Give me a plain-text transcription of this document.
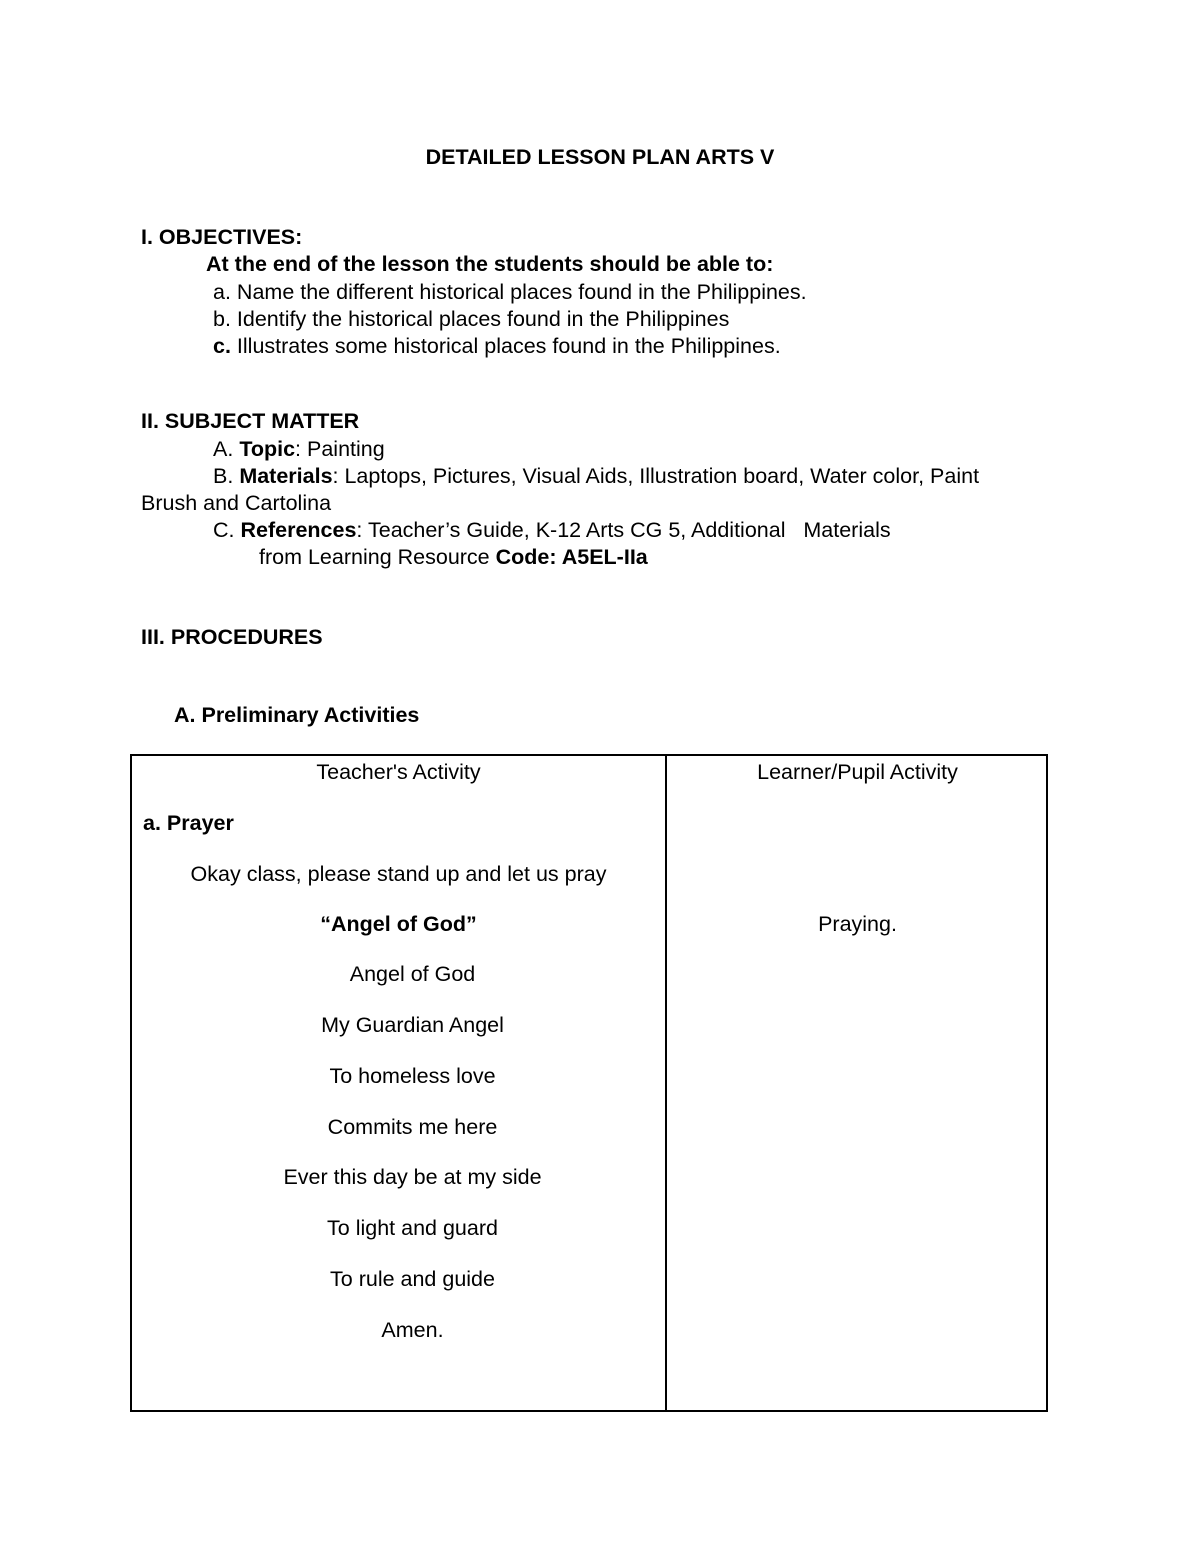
DETAILED LESSON PLAN ARTS V
I. OBJECTIVES:
At the end of the lesson the students should be able to:
a. Name the different historical places found in the Philippines.
b. Identify the historical places found in the Philippines
c. Illustrates some historical places found in the Philippines.
II. SUBJECT MATTER
A. Topic: Painting
B. Materials: Laptops, Pictures, Visual Aids, Illustration board, Water color, Paint
Brush and Cartolina
C. References: Teacher’s Guide, K-12 Arts CG 5, Additional   Materials
from Learning Resource Code: A5EL-IIa
III. PROCEDURES
A. Preliminary Activities
Teacher's Activity	Learner/Pupil Activity
a. Prayer
Okay class, please stand up and let us pray
“Angel of God”	Praying.
Angel of God
My Guardian Angel
To homeless love
Commits me here
Ever this day be at my side
To light and guard
To rule and guide
Amen.
